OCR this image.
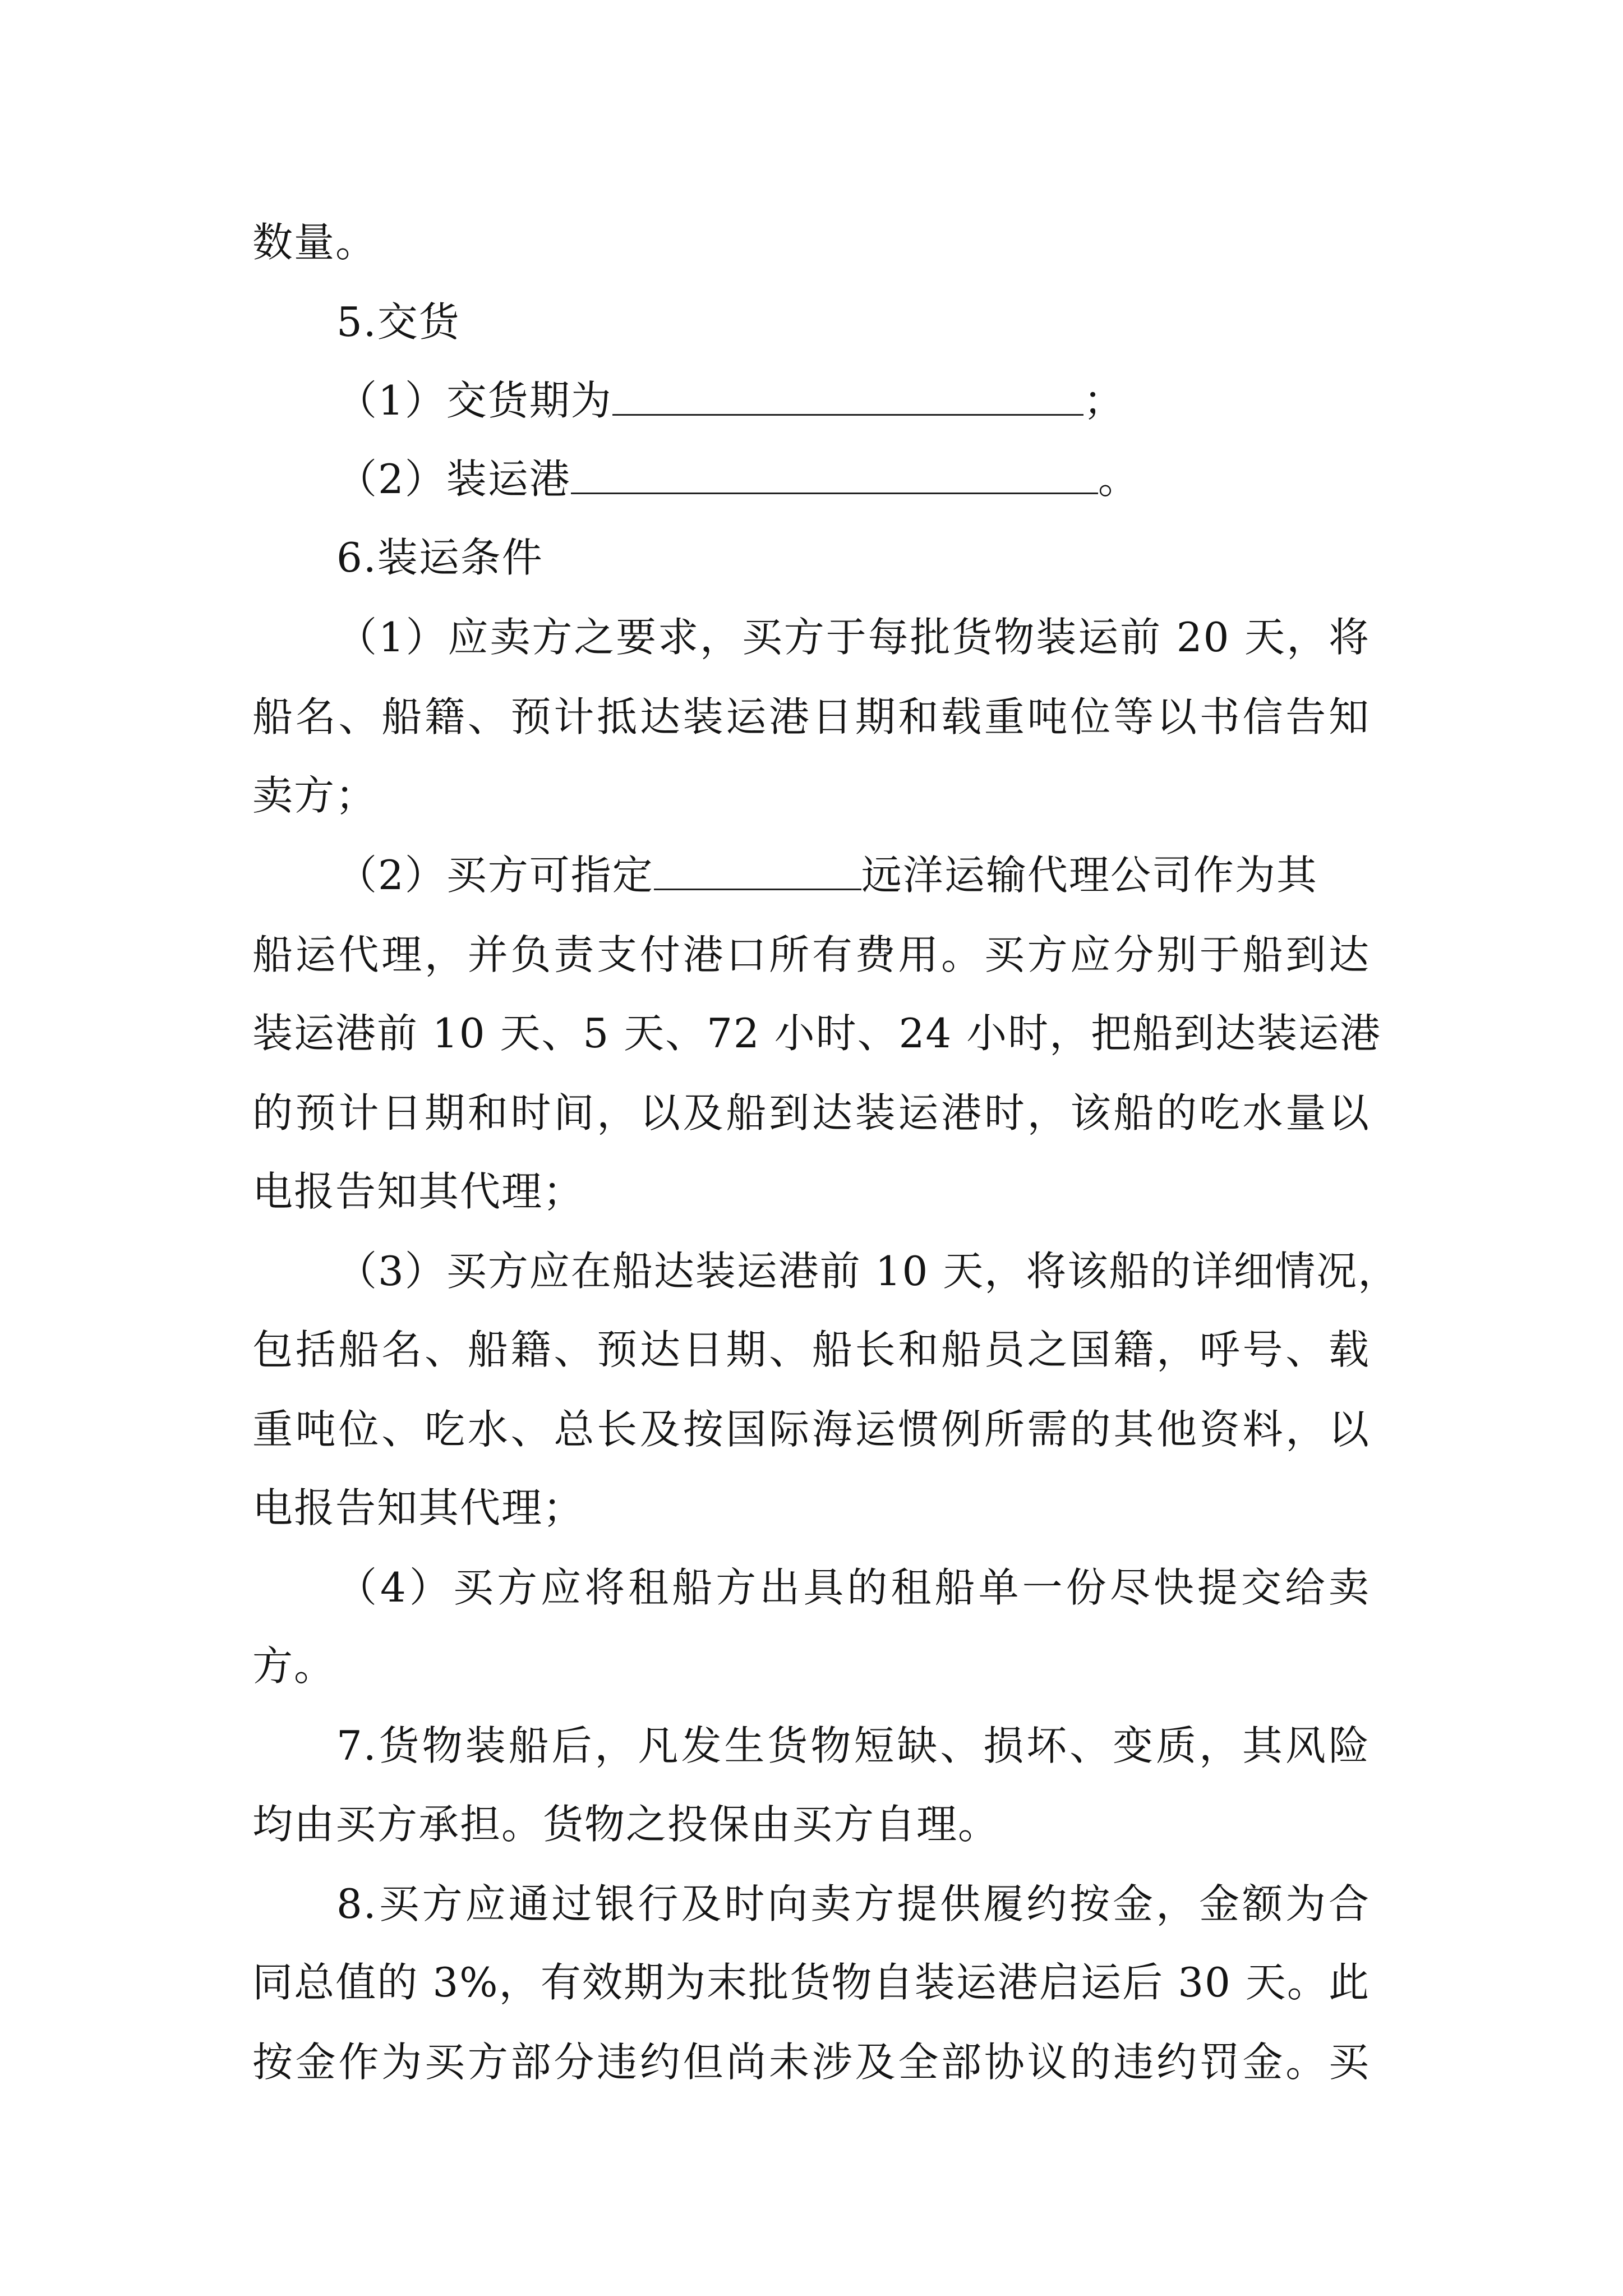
数量。

5.交货

（1）交货期为	；

（2）装运港	。

6.装运条件

（1）应卖方之要求，买方于每批货物装运前 20 天，将

船名、船籍、预计抵达装运港日期和载重吨位等以书信告知

卖方；

（2）买方可指定	远洋运输代理公司作为其

船运代理，并负责支付港口所有费用。买方应分别于船到达

装运港前 10 天、5 天、72 小时、24 小时，把船到达装运港

的预计日期和时间，以及船到达装运港时，该船的吃水量以

电报告知其代理；

（3）买方应在船达装运港前 10 天，将该船的详细情况，

包括船名、船籍、预达日期、船长和船员之国籍，呼号、载

重吨位、吃水、总长及按国际海运惯例所需的其他资料，以

电报告知其代理；

（4）买方应将租船方出具的租船单一份尽快提交给卖

方。

7.货物装船后，凡发生货物短缺、损坏、变质，其风险

均由买方承担。货物之投保由买方自理。

8.买方应通过银行及时向卖方提供履约按金，金额为合

同总值的 3%，有效期为末批货物自装运港启运后 30 天。此

按金作为买方部分违约但尚未涉及全部协议的违约罚金。买
